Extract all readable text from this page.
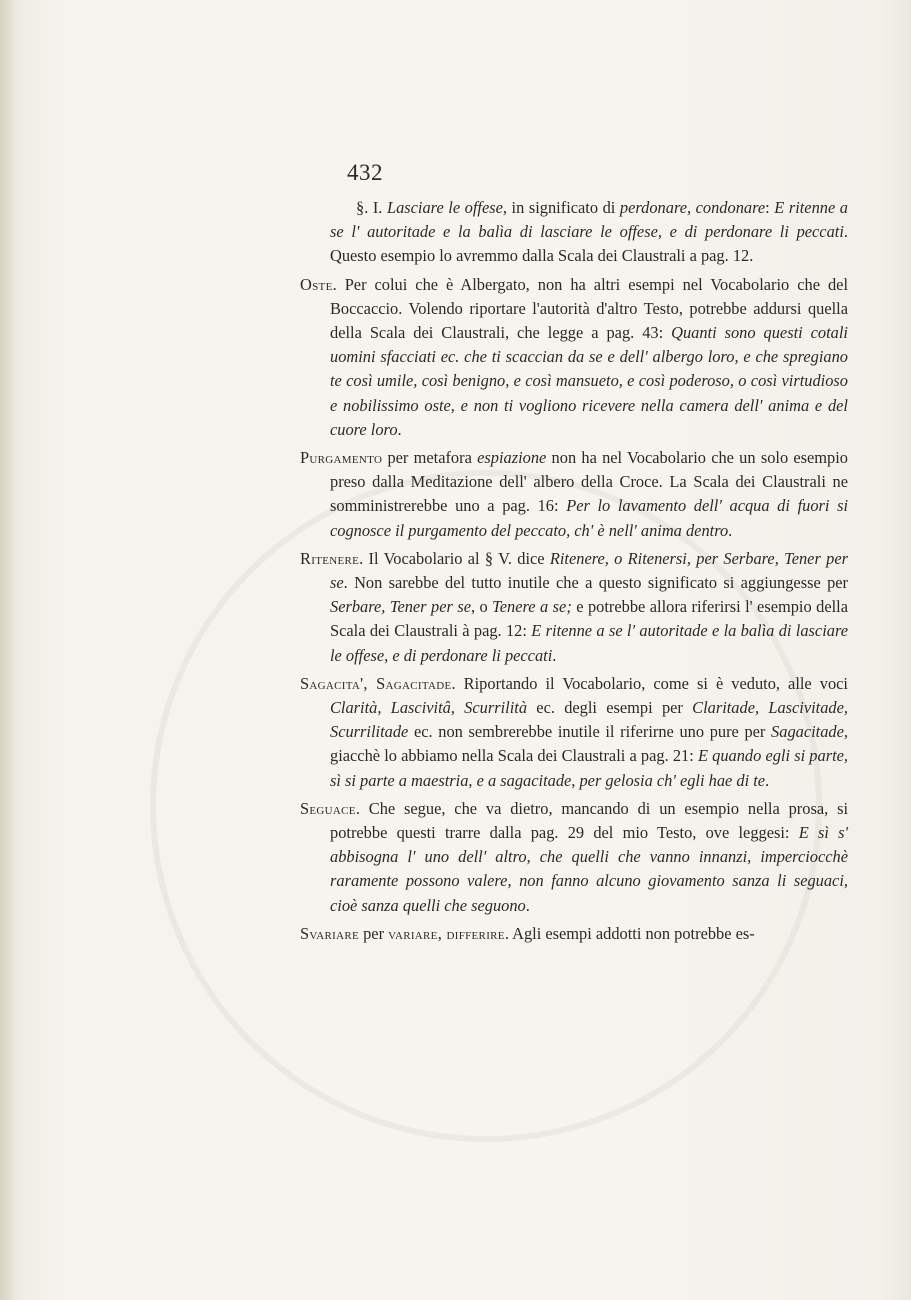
432

§. I. Lasciare le offese, in significato di perdonare, condonare: E ritenne a se l' autoritade e la balìa di lasciare le offese, e di perdonare li peccati. Questo esempio lo avremmo dalla Scala dei Claustrali a pag. 12.

Oste. Per colui che è Albergato, non ha altri esempi nel Vocabolario che del Boccaccio. Volendo riportare l'autorità d'altro Testo, potrebbe addursi quella della Scala dei Claustrali, che legge a pag. 43: Quanti sono questi cotali uomini sfacciati ec. che ti scaccian da se e dell' albergo loro, e che spregiano te così umile, così benigno, e così mansueto, e così poderoso, o così virtudioso e nobilissimo oste, e non ti vogliono ricevere nella camera dell' anima e del cuore loro.

Purgamento per metafora espiazione non ha nel Vocabolario che un solo esempio preso dalla Meditazione dell' albero della Croce. La Scala dei Claustrali ne somministrerebbe uno a pag. 16: Per lo lavamento dell' acqua di fuori si cognosce il purgamento del peccato, ch' è nell' anima dentro.

Ritenere. Il Vocabolario al § V. dice Ritenere, o Ritenersi, per Serbare, Tener per se. Non sarebbe del tutto inutile che a questo significato si aggiungesse per Serbare, Tener per se, o Tenere a se; e potrebbe allora riferirsi l' esempio della Scala dei Claustrali à pag. 12: E ritenne a se l' autoritade e la balìa di lasciare le offese, e di perdonare li peccati.

Sagacita', Sagacitade. Riportando il Vocabolario, come si è veduto, alle voci Clarità, Lascivitâ, Scurrilità ec. degli esempi per Claritade, Lascivitade, Scurrilitade ec. non sembrerebbe inutile il riferirne uno pure per Sagacitade, giacchè lo abbiamo nella Scala dei Claustrali a pag. 21: E quando egli si parte, sì si parte a maestria, e a sagacitade, per gelosia ch' egli hae di te.

Seguace. Che segue, che va dietro, mancando di un esempio nella prosa, si potrebbe questi trarre dalla pag. 29 del mio Testo, ove leggesi: E sì s' abbisogna l' uno dell' altro, che quelli che vanno innanzi, imperciocchè raramente possono valere, non fanno alcuno giovamento sanza li seguaci, cioè sanza quelli che seguono.

Svariare per variare, differire. Agli esempi addotti non potrebbe es-
